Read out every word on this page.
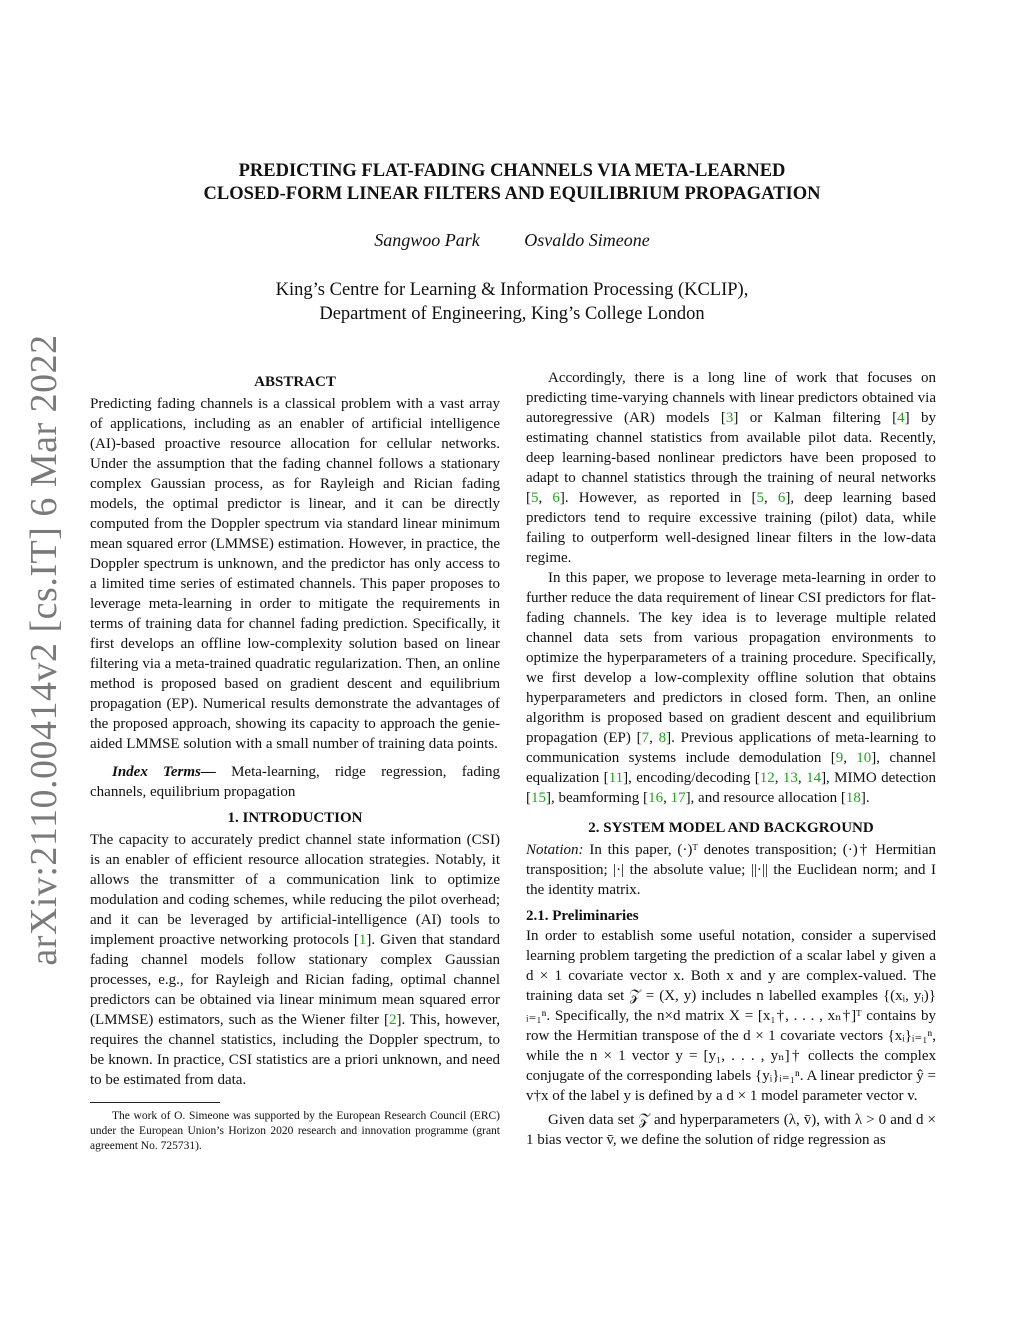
arXiv:2110.00414v2 [cs.IT] 6 Mar 2022
PREDICTING FLAT-FADING CHANNELS VIA META-LEARNED
CLOSED-FORM LINEAR FILTERS AND EQUILIBRIUM PROPAGATION
Sangwoo Park Osvaldo Simeone
King’s Centre for Learning & Information Processing (KCLIP),
Department of Engineering, King’s College London
ABSTRACT

Predicting fading channels is a classical problem with a vast array of applications, including as an enabler of artificial intelligence (AI)-based proactive resource allocation for cellular networks. Under the assumption that the fading channel follows a stationary complex Gaussian process, as for Rayleigh and Rician fading models, the optimal predictor is linear, and it can be directly computed from the Doppler spectrum via standard linear minimum mean squared error (LMMSE) estimation. However, in practice, the Doppler spectrum is unknown, and the predictor has only access to a limited time series of estimated channels. This paper proposes to leverage meta-learning in order to mitigate the requirements in terms of training data for channel fading prediction. Specifically, it first develops an offline low-complexity solution based on linear filtering via a meta-trained quadratic regularization. Then, an online method is proposed based on gradient descent and equilibrium propagation (EP). Numerical results demonstrate the advantages of the proposed approach, showing its capacity to approach the genie-aided LMMSE solution with a small number of training data points.

Index Terms— Meta-learning, ridge regression, fading channels, equilibrium propagation

1. INTRODUCTION

The capacity to accurately predict channel state information (CSI) is an enabler of efficient resource allocation strategies. Notably, it allows the transmitter of a communication link to optimize modulation and coding schemes, while reducing the pilot overhead; and it can be leveraged by artificial-intelligence (AI) tools to implement proactive networking protocols [1]. Given that standard fading channel models follow stationary complex Gaussian processes, e.g., for Rayleigh and Rician fading, optimal channel predictors can be obtained via linear minimum mean squared error (LMMSE) estimators, such as the Wiener filter [2]. This, however, requires the channel statistics, including the Doppler spectrum, to be known. In practice, CSI statistics are a priori unknown, and need to be estimated from data.

The work of O. Simeone was supported by the European Research Council (ERC) under the European Union’s Horizon 2020 research and innovation programme (grant agreement No. 725731).

Accordingly, there is a long line of work that focuses on predicting time-varying channels with linear predictors obtained via autoregressive (AR) models [3] or Kalman filtering [4] by estimating channel statistics from available pilot data. Recently, deep learning-based nonlinear predictors have been proposed to adapt to channel statistics through the training of neural networks [5, 6]. However, as reported in [5, 6], deep learning based predictors tend to require excessive training (pilot) data, while failing to outperform well-designed linear filters in the low-data regime.

In this paper, we propose to leverage meta-learning in order to further reduce the data requirement of linear CSI predictors for flat-fading channels. The key idea is to leverage multiple related channel data sets from various propagation environments to optimize the hyperparameters of a training procedure. Specifically, we first develop a low-complexity offline solution that obtains hyperparameters and predictors in closed form. Then, an online algorithm is proposed based on gradient descent and equilibrium propagation (EP) [7, 8]. Previous applications of meta-learning to communication systems include demodulation [9, 10], channel equalization [11], encoding/decoding [12, 13, 14], MIMO detection [15], beamforming [16, 17], and resource allocation [18].

2. SYSTEM MODEL AND BACKGROUND

Notation: In this paper, (·)ᵀ denotes transposition; (·)† Hermitian transposition; |·| the absolute value; ||·|| the Euclidean norm; and I the identity matrix.

2.1. Preliminaries

In order to establish some useful notation, consider a supervised learning problem targeting the prediction of a scalar label y given a d × 1 covariate vector x. Both x and y are complex-valued. The training data set 𝒵 = (X, y) includes n labelled examples {(xᵢ, yᵢ)}ᵢ₌₁ⁿ. Specifically, the n×d matrix X = [x₁†, . . . , xₙ†]ᵀ contains by row the Hermitian transpose of the d × 1 covariate vectors {xᵢ}ᵢ₌₁ⁿ, while the n × 1 vector y = [y₁, . . . , yₙ]† collects the complex conjugate of the corresponding labels {yᵢ}ᵢ₌₁ⁿ. A linear predictor ŷ = v†x of the label y is defined by a d × 1 model parameter vector v.

Given data set 𝒵 and hyperparameters (λ, v̄), with λ > 0 and d × 1 bias vector v̄, we define the solution of ridge regression as
